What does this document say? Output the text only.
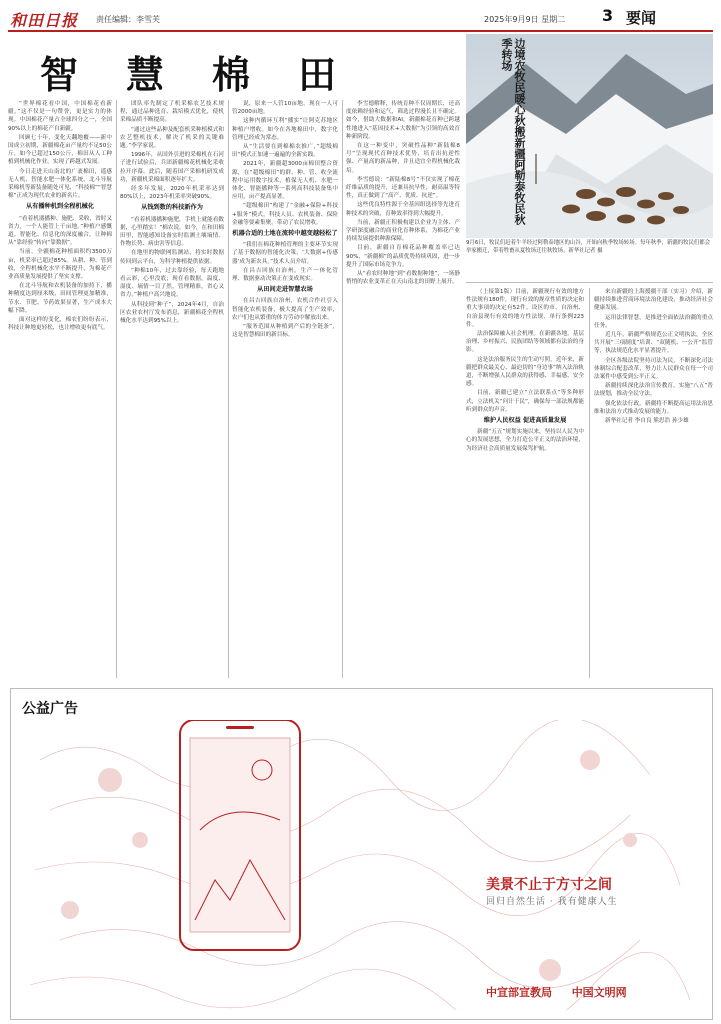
和田日报 责任编辑：李雪芙	2025年9月9日 星期二 3 要闻
智慧棉田

“世界棉花看中国，中国棉花看新疆。”这不仅是一句赞誉，更是实力的体现。中国棉花产量占全球四分之一，全国90%以上的棉花产自新疆。

回顾七十年，变化天翻地覆——新中国成立初期，新疆棉花亩产量约不足50公斤，如今已超过150公斤，棉田从人工种植到机械化作业，实现了跨越式发展。

今日走进天山南北的广袤棉田，遥感无人机、智能水肥一体化系统、北斗导航采棉机等新装备随处可见，“科技棉”“智慧棉”正成为现代农业的新名片。

从有播种机到全程机械化

“看着机器播种、施肥、采收，省时又省力，一个人能管上千亩地。”种植户感慨道。智能化、信息化的深度融合，让种棉从“靠经验”转向“靠数据”。

当前，全疆棉花种植面积约3500万亩，机采率已超过85%。从耕、种、管到收，全程机械化水平不断提升，为棉花产业高质量发展提供了坚实支撑。

在北斗导航和农机装备的加持下，播种精度达到厘米级，田间管理更加精准，节水、节肥、节药效果显著，生产成本大幅下降。

面对这样的变化，棉农们纷纷表示，科技让种地更轻松，也让增收更有底气。

团队率先制定了机采棉农艺技术规程，通过品种选育、栽培模式优化，使机采棉品质不断提高。

“通过这些品种及配套机采种植模式和农艺整机技术，解决了机采的关键难题。”李学家说。

1996年，从国外引进的采棉机在石河子进行试验后，兵团新疆棉花机械化采收拉开序幕。此后，随着国产采棉机研发成功，新疆机采棉面积逐年扩大。

经多年发展，2020年机采率达到80%以上，2023年机采率突破90%。

从钱到数的科技新作为

“看着机器播种施肥，手机上就能看数据，心里踏实！”棉农说。如今，在和田棉田里，智能感知设备实时监测土壤墒情、作物长势、病虫害等信息。

在地里的物联网监测站，将实时数据传回到云平台，为科学种植提供依据。

“种棉10年，过去靠经验，每天跑地看云彩，心里没底；现在看数据，温度、湿度、墒情一目了然，管理精准，省心又省力。”种植户高兴地说。

从科技到“种子”，2024年4月，自治区农业农村厅发布消息，新疆棉花全程机械化水平达到95%以上。

说，原来一人管10亩地，现在一人可管2000亩地。

这种内循环互利“播实”让阿克苏地区种植户增收。如今在各地棉田中，数字化管理已经成为常态。

从“生活要在到棉棉农推广，”超级棉田“模式正加速一遍遍的全新实践。

2021年，新疆超3000亩棉田整合资源，在“超级棉田”的群、种、管、收全流程中运用数字技术，植保无人机、水肥一体化、智能播种等一系列高科技装备集中应用，亩产提高显著。

“超级棉田”构建了“金融+保险+科技+服务”模式，科技人员、农机装备、保险金融等要素集聚，带动了农民增收。

机器合适的土地在流转中越变越轻松了

“我们在棉花种植管理的主要环节实现了基于数据的智能化决策，‘大数据+传感器’成为新农具。”技术人员介绍。

在昌吉回族自治州，生产一体化管理、数据驱动决策正在变成现实。

从田间走进智慧农场

在昌吉回族自治州，农机合作社引入智能化农机装备，极大提高了生产效率，农户们也从繁重的体力劳动中解放出来。

“服务范围从种植到产后的全链条”，这是智慧棉田的新目标。

李雪德解释，传统育种不仅周期长，还高度依赖经验和运气，筛选过程漫长且不确定。如今，借助大数据和AI，新疆棉花育种已跨越性地进入“基因技术+大数据”为引领的高效育种新阶段。

在这一种变中，突破性品种“新陆棉8号”呈现现代育种技术优势，培育出抗逆性强、产量高的新品种，并且适宜全程机械化栽培。

李雪德说：“新陆棉8号”不仅实现了棉花纤维品质的提升，还兼具抗旱性，耐高温等特性，真正做到了“高产、优质、抗逆”。

这些优良特性源于全基因组选择等先进育种技术的突破，育种效率得到大幅提升。

当前，新疆正积极构建以企业为主体、产学研深度融合的商业化育种体系，为棉花产业持续发展提供种源保障。

目前，新疆自育棉花品种覆盖率已达90%，“新疆棉”的品质优势持续巩固，进一步提升了国际市场竞争力。

从“看农时种地”到“看数据种地”，一场静悄悄的农业变革正在天山南北的田野上展开。

边境农牧民暖心秋搬新疆阿勒泰牧民秋季转场
9月6日，牧民们赶着牛羊经过阿勒泰地区的山谷，开始向秋季牧场转场。每年秋季，新疆的牧民们都会举家搬迁，带着牲畜从夏牧场迁往秋牧场。新华社记者 摄

（上接第1版）目前，新疆现行有效的地方性法规有180件，现行有效的规章性质的决定和重大事项的决定有52件。设区的市、自治州、自治县现行有效的地方性法规、单行条例223件。

法治保障融入社会机理。在新疆各地，基层治理、乡村振兴、民族团结等领域都有法治的身影。

这是法治服务民生的生动写照。近年来，新疆把群众最关心、最迫切的“身边事”纳入法治轨道，不断增强人民群众的获得感、幸福感、安全感。

目前，新疆已建立“立法联系点”等多种形式，立法机关“问计于民”，确保每一部法规都能听到群众的声音。

维护人民权益 促进高质量发展

新疆“五五”规划实施以来，坚持以人民为中心的发展思想，全力打造公平正义的法治环境，为经济社会高质量发展保驾护航。

来自新疆的上海援疆干部（实习）介绍，新疆持续推进营商环境法治化建设，推动经济社会健康发展。

运用法律智慧，是推进全面依法治疆的重点任务。

近几年，新疆严格规范公正文明执法，全区共开展“三项制度”培训、“双随机、一公开”监管等，执法规范化水平显著提升。

全区各级法院坚持司法为民，不断深化司法体制综合配套改革，努力让人民群众在每一个司法案件中感受到公平正义。

新疆持续深化法治宣传教育，实施“八五”普法规划，推动全民守法。

强化依法行政，新疆将不断提高运用法治思维和法治方式推动发展的能力。

新华社记者 李自良 熊思浩 孙少雄

公益广告
美景不止于方寸之间
回归自然生活 · 我有健康人生
中宣部宣教局 中国文明网
